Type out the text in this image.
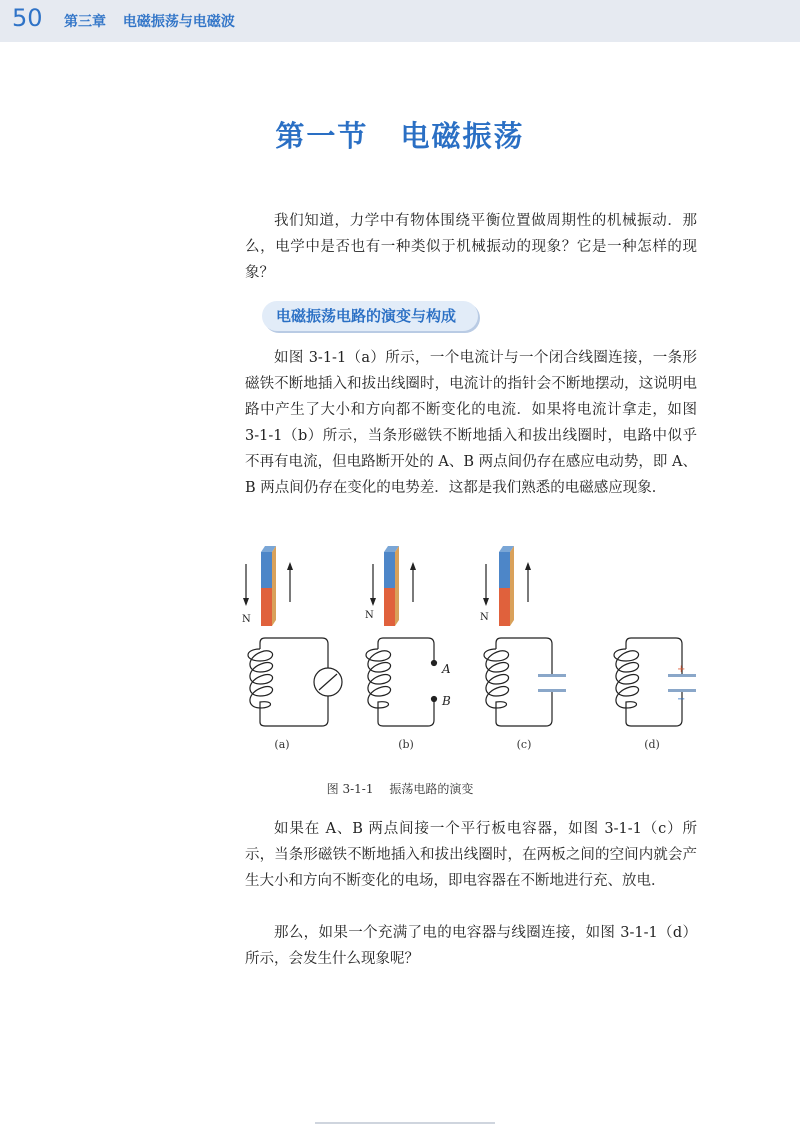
50 第三章 电磁振荡与电磁波
第一节 电磁振荡

我们知道，力学中有物体围绕平衡位置做周期性的机械振动．那么，电学中是否也有一种类似于机械振动的现象？它是一种怎样的现象？

电磁振荡电路的演变与构成

如图 3-1-1（a）所示，一个电流计与一个闭合线圈连接，一条形磁铁不断地插入和拔出线圈时，电流计的指针会不断地摆动，这说明电路中产生了大小和方向都不断变化的电流．如果将电流计拿走，如图 3-1-1（b）所示，当条形磁铁不断地插入和拔出线圈时，电路中似乎不再有电流，但电路断开处的 A、B 两点间仍存在感应电动势，即 A、B 两点间仍存在变化的电势差．这都是我们熟悉的电磁感应现象．

N	N	N
A
B
+
−
(a)	(b)	(c)	(d)
图 3-1-1 振荡电路的演变

如果在 A、B 两点间接一个平行板电容器，如图 3-1-1（c）所示，当条形磁铁不断地插入和拔出线圈时，在两板之间的空间内就会产生大小和方向不断变化的电场，即电容器在不断地进行充、放电．

那么，如果一个充满了电的电容器与线圈连接，如图 3-1-1（d）所示，会发生什么现象呢？
